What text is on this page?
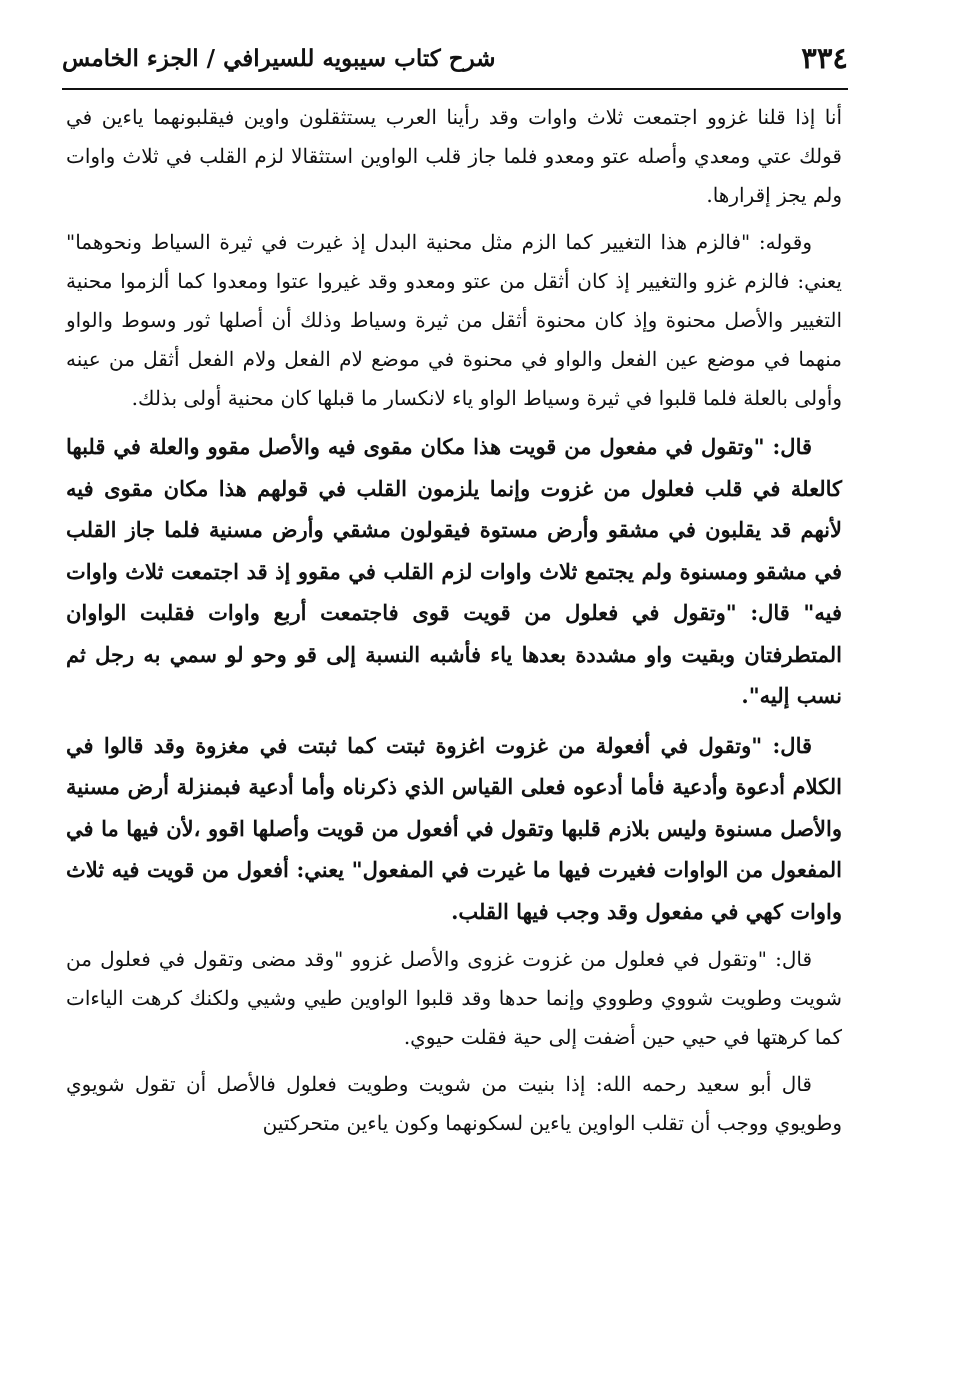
٣٣٤
شرح كتاب سيبويه للسيرافي / الجزء الخامس

أنا إذا قلنا غزوو اجتمعت ثلاث واوات وقد رأينا العرب يستثقلون واوين فيقلبونهما ياءين في قولك عتي ومعدي وأصله عتو ومعدو فلما جاز قلب الواوين استثقالا لزم القلب في ثلاث واوات ولم يجز إقرارها.

وقوله: "فالزم هذا التغيير كما الزم مثل محنية البدل إذ غيرت في ثيرة السياط ونحوهما" يعني: فالزم غزو والتغيير إذ كان أثقل من عتو ومعدو وقد غيروا عتوا ومعدوا كما ألزموا محنية التغيير والأصل محنوة وإذ كان محنوة أثقل من ثيرة وسياط وذلك أن أصلها ثور وسوط والواو منهما في موضع عين الفعل والواو في محنوة في موضع لام الفعل ولام الفعل أثقل من عينه وأولى بالعلة فلما قلبوا في ثيرة وسياط الواو ياء لانكسار ما قبلها كان محنية أولى بذلك.

قال: "وتقول في مفعول من قويت هذا مكان مقوى فيه والأصل مقوو والعلة في قلبها كالعلة في قلب فعلول من غزوت وإنما يلزمون القلب في قولهم هذا مكان مقوى فيه لأنهم قد يقلبون في مشقو وأرض مستوة فيقولون مشقي وأرض مسنية فلما جاز القلب في مشقو ومسنوة ولم يجتمع ثلاث واوات لزم القلب في مقوو إذ قد اجتمعت ثلاث واوات فيه" قال: "وتقول في فعلول من قويت قوى فاجتمعت أربع واوات فقلبت الواوان المتطرفتان وبقيت واو مشددة بعدها ياء فأشبه النسبة إلى قو وحو لو سمي به رجل ثم نسب إليه".

قال: "وتقول في أفعولة من غزوت اغزوة ثبتت كما ثبتت في مغزوة وقد قالوا في الكلام أدعوة وأدعية فأما أدعوه فعلى القياس الذي ذكرناه وأما أدعية فبمنزلة أرض مسنية والأصل مسنوة وليس بلازم قلبها وتقول في أفعول من قويت وأصلها اقوو ،لأن فيها ما في المفعول من الواوات فغيرت فيها ما غيرت في المفعول" يعني: أفعول من قويت فيه ثلاث واوات كهي في مفعول وقد وجب فيها القلب.

قال: "وتقول في فعلول من غزوت غزوى والأصل غزوو "وقد مضى وتقول في فعلول من شويت وطويت شووي وطووي وإنما حدها وقد قلبوا الواوين طيي وشيي ولكنك كرهت الياءات كما كرهتها في حيي حين أضفت إلى حية فقلت حيوي.

قال أبو سعيد رحمه الله: إذا بنيت من شويت وطويت فعلول فالأصل أن تقول شويوي وطويوي ووجب أن تقلب الواوين ياءين لسكونهما وكون ياءين متحركتين
